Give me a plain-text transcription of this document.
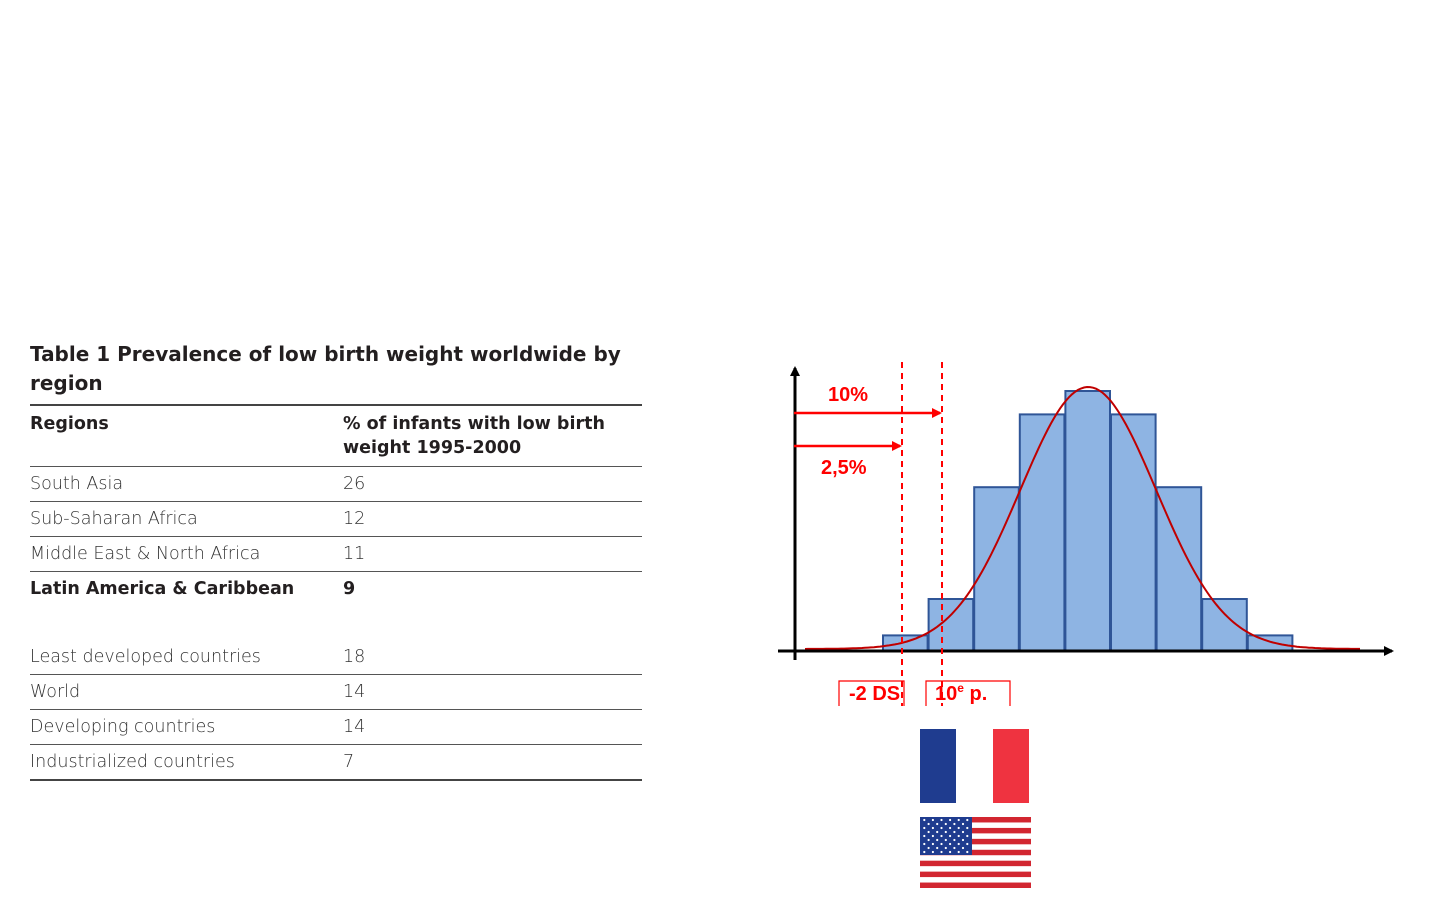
Table 1 Prevalence of low birth weight worldwide by region

Regions	% of infants with low birth weight 1995-2000
South Asia	26
Sub-Saharan Africa	12
Middle East & North Africa	11
Latin America & Caribbean	9
Least developed countries	18
World	14
Developing countries	14
Industrialized countries	7
10%
2,5%
-2 DS 10e p.
